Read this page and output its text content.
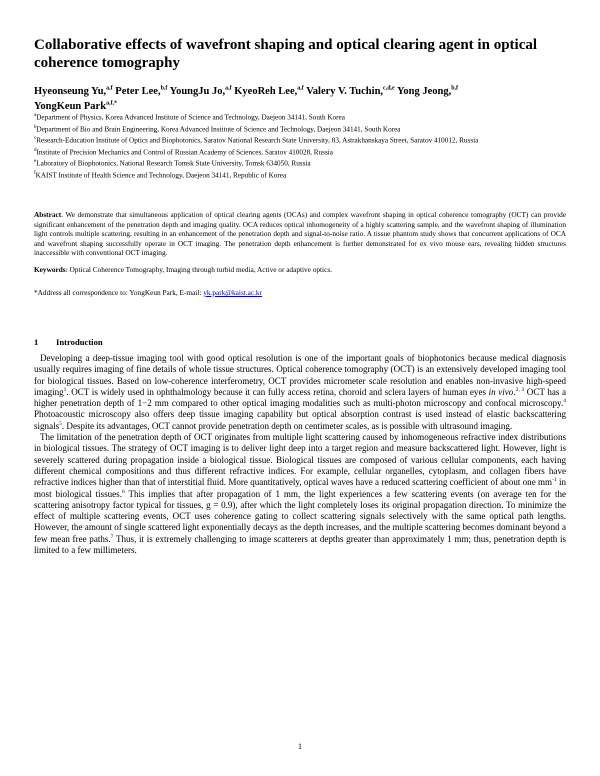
Collaborative effects of wavefront shaping and optical clearing agent in optical coherence tomography
Hyeonseung Yu,$^{a,f}$ Peter Lee,$^{b,f}$ YoungJu Jo,$^{a,f}$ KyeoReh Lee,$^{a,f}$ Valery V. Tuchin,$^{c,d,e}$ Yong Jeong,$^{b,f}$
YongKeun Park$^{a,f,*}$
$^a$Department of Physics, Korea Advanced Institute of Science and Technology, Daejeon 34141, South Korea
$^b$Department of Bio and Brain Engineering, Korea Advanced Institute of Science and Technology, Daejeon 34141, South Korea
$^c$Research-Education Institute of Optics and Biophotonics, Saratov National Research State University, 83, Astrakhanskaya Street, Saratov 410012, Russia
$^d$Institute of Precision Mechanics and Control of Russian Academy of Sciences, Saratov 410028, Russia
$^e$Laboratory of Biophotonics, National Research Tomsk State University, Tomsk 634050, Russia
$^f$KAIST Institute of Health Science and Technology, Daejeon 34141, Republic of Korea
Abstract. We demonstrate that simultaneous application of optical clearing agents (OCAs) and complex wavefront shaping in optical coherence tomography (OCT) can provide significant enhancement of the penetration depth and imaging quality. OCA reduces optical inhomogeneity of a highly scattering sample, and the wavefront shaping of illumination light controls multiple scattering, resulting in an enhancement of the penetration depth and signal-to-noise ratio. A tissue phantom study shows that concurrent applications of OCA and wavefront shaping successfully operate in OCT imaging. The penetration depth enhancement is further demonstrated for ex vivo mouse ears, revealing hidden structures inaccessible with conventional OCT imaging.
Keywords: Optical Coherence Tomography, Imaging through turbid media, Active or adaptive optics.
*Address all correspondence to: YongKeun Park, E-mail: yk.park@kaist.ac.kr
1 Introduction

Developing a deep-tissue imaging tool with good optical resolution is one of the important goals of biophotonics because medical diagnosis usually requires imaging of fine details of whole tissue structures. Optical coherence tomography (OCT) is an extensively developed imaging tool for biological tissues. Based on low-coherence interferometry, OCT provides micrometer scale resolution and enables non-invasive high-speed imaging$^1$. OCT is widely used in ophthalmology because it can fully access retina, choroid and sclera layers of human eyes in vivo.$^{2, 3}$ OCT has a higher penetration depth of 1−2 mm compared to other optical imaging modalities such as multi-photon microscopy and confocal microscopy.$^4$ Photoacoustic microscopy also offers deep tissue imaging capability but optical absorption contrast is used instead of elastic backscattering signals$^5$. Despite its advantages, OCT cannot provide penetration depth on centimeter scales, as is possible with ultrasound imaging.

The limitation of the penetration depth of OCT originates from multiple light scattering caused by inhomogeneous refractive index distributions in biological tissues. The strategy of OCT imaging is to deliver light deep into a target region and measure backscattered light. However, light is severely scattered during propagation inside a biological tissue. Biological tissues are composed of various cellular components, each having different chemical compositions and thus different refractive indices. For example, cellular organelles, cytoplasm, and collagen fibers have refractive indices higher than that of interstitial fluid. More quantitatively, optical waves have a reduced scattering coefficient of about one $mm^{-1}$ in most biological tissues.$^6$ This implies that after propagation of 1 mm, the light experiences a few scattering events (on average ten for the scattering anisotropy factor typical for tissues, g = 0.9), after which the light completely loses its original propagation direction. To minimize the effect of multiple scattering events, OCT uses coherence gating to collect scattering signals selectively with the same optical path lengths. However, the amount of single scattered light exponentially decays as the depth increases, and the multiple scattering becomes dominant beyond a few mean free paths.$^7$ Thus, it is extremely challenging to image scatterers at depths greater than approximately 1 mm; thus, penetration depth is limited to a few millimeters.

1
